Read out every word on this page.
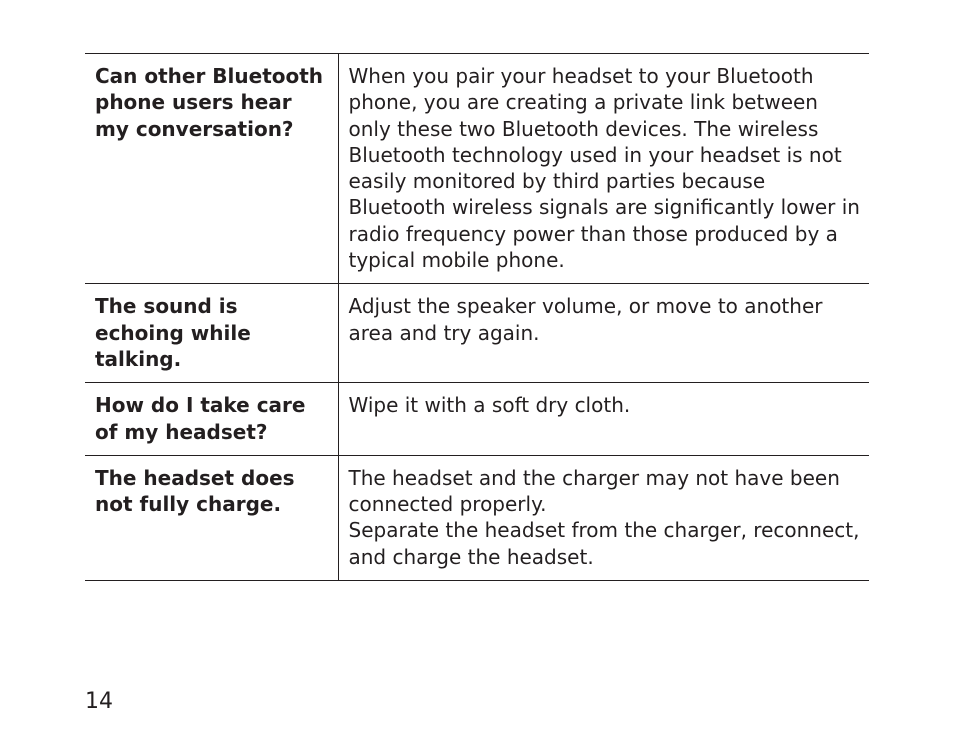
Can other Bluetooth phone users hear my conversation?	When you pair your headset to your Bluetooth phone, you are creating a private link between only these two Bluetooth devices. The wireless Bluetooth technology used in your headset is not easily monitored by third parties because Bluetooth wireless signals are significantly lower in radio frequency power than those produced by a typical mobile phone.

The sound is echoing while talking.	Adjust the speaker volume, or move to another area and try again.

How do I take care of my headset?	Wipe it with a soft dry cloth.

The headset does not fully charge.	The headset and the charger may not have been connected properly.
Separate the headset from the charger, reconnect, and charge the headset.
14
